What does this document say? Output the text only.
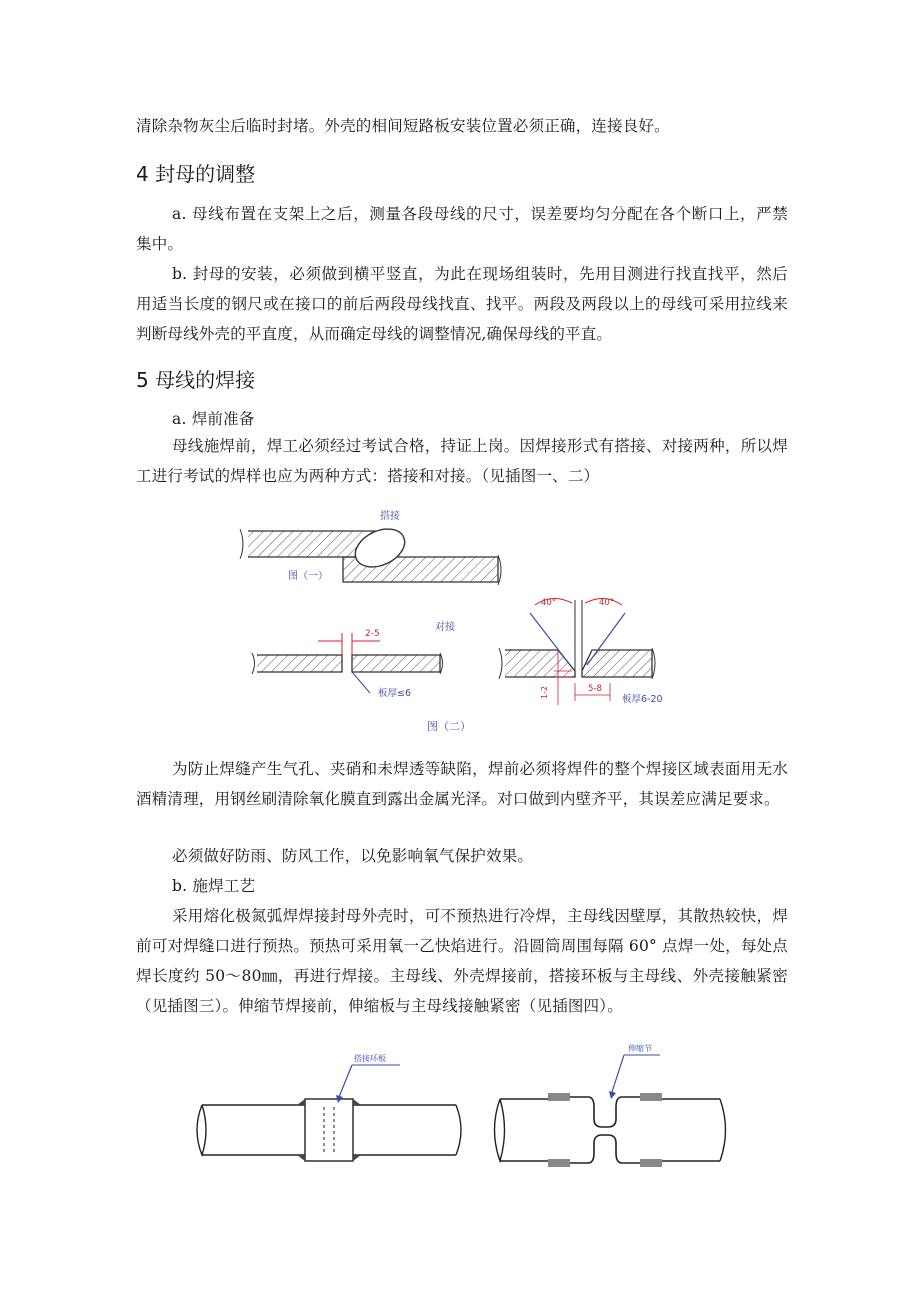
清除杂物灰尘后临时封堵。外壳的相间短路板安装位置必须正确，连接良好。

4 封母的调整

a. 母线布置在支架上之后，测量各段母线的尺寸，误差要均匀分配在各个断口上，严禁集中。

b. 封母的安装，必须做到横平竖直，为此在现场组装时，先用目测进行找直找平，然后用适当长度的钢尺或在接口的前后两段母线找直、找平。两段及两段以上的母线可采用拉线来判断母线外壳的平直度，从而确定母线的调整情况,确保母线的平直。

5 母线的焊接

a. 焊前准备

母线施焊前，焊工必须经过考试合格，持证上岗。因焊接形式有搭接、对接两种，所以焊工进行考试的焊样也应为两种方式：搭接和对接。（见插图一、二）

搭接
图（一）
2-5
板厚≤6
对接
40°	40°
1-2	5-8
板厚6-20
图（二）

为防止焊缝产生气孔、夹硝和未焊透等缺陷，焊前必须将焊件的整个焊接区域表面用无水酒精清理，用钢丝刷清除氧化膜直到露出金属光泽。对口做到内壁齐平，其误差应满足要求。

必须做好防雨、防风工作，以免影响氧气保护效果。

b. 施焊工艺

采用熔化极氮弧焊焊接封母外壳时，可不预热进行冷焊，主母线因壁厚，其散热较快，焊前可对焊缝口进行预热。预热可采用氧一乙快焰进行。沿圆筒周围每隔 60° 点焊一处，每处点焊长度约 50～80㎜，再进行焊接。主母线、外壳焊接前，搭接环板与主母线、外壳接触紧密（见插图三）。伸缩节焊接前，伸缩板与主母线接触紧密（见插图四）。

搭接环板
伸缩节
